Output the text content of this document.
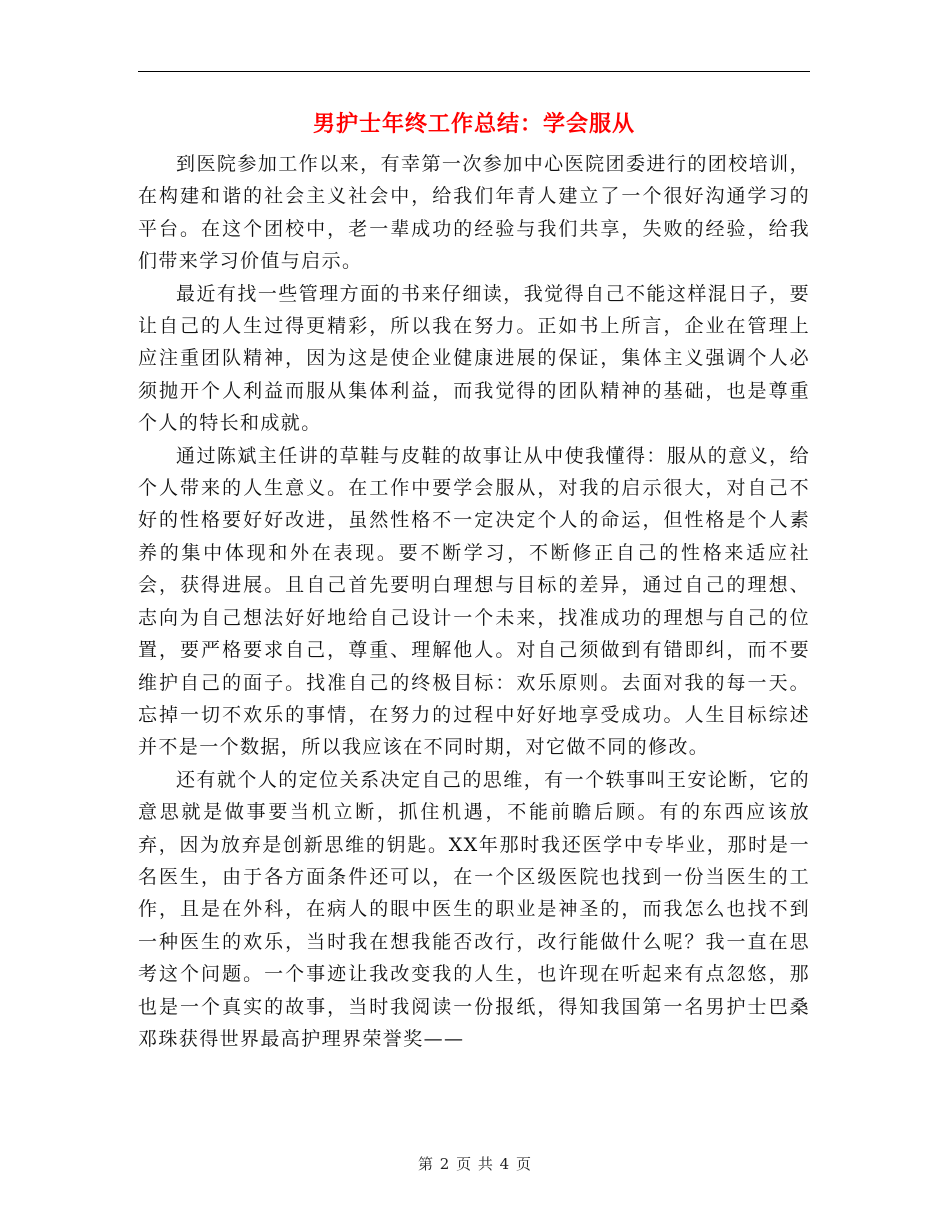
男护士年终工作总结：学会服从

到医院参加工作以来，有幸第一次参加中心医院团委进行的团校培训，在构建和谐的社会主义社会中，给我们年青人建立了一个很好沟通学习的平台。在这个团校中，老一辈成功的经验与我们共享，失败的经验，给我们带来学习价值与启示。

最近有找一些管理方面的书来仔细读，我觉得自己不能这样混日子，要让自己的人生过得更精彩，所以我在努力。正如书上所言，企业在管理上应注重团队精神，因为这是使企业健康进展的保证，集体主义强调个人必须抛开个人利益而服从集体利益，而我觉得的团队精神的基础，也是尊重个人的特长和成就。

通过陈斌主任讲的草鞋与皮鞋的故事让从中使我懂得：服从的意义，给个人带来的人生意义。在工作中要学会服从，对我的启示很大，对自己不好的性格要好好改进，虽然性格不一定决定个人的命运，但性格是个人素养的集中体现和外在表现。要不断学习，不断修正自己的性格来适应社会，获得进展。且自己首先要明白理想与目标的差异，通过自己的理想、志向为自己想法好好地给自己设计一个未来，找准成功的理想与自己的位置，要严格要求自己，尊重、理解他人。对自己须做到有错即纠，而不要维护自己的面子。找准自己的终极目标：欢乐原则。去面对我的每一天。忘掉一切不欢乐的事情，在努力的过程中好好地享受成功。人生目标综述并不是一个数据，所以我应该在不同时期，对它做不同的修改。

还有就个人的定位关系决定自己的思维，有一个轶事叫王安论断，它的意思就是做事要当机立断，抓住机遇，不能前瞻后顾。有的东西应该放弃，因为放弃是创新思维的钥匙。XX年那时我还医学中专毕业，那时是一名医生，由于各方面条件还可以，在一个区级医院也找到一份当医生的工作，且是在外科，在病人的眼中医生的职业是神圣的，而我怎么也找不到一种医生的欢乐，当时我在想我能否改行，改行能做什么呢？我一直在思考这个问题。一个事迹让我改变我的人生，也许现在听起来有点忽悠，那也是一个真实的故事，当时我阅读一份报纸，得知我国第一名男护士巴桑邓珠获得世界最高护理界荣誉奖——

第 2 页 共 4 页
